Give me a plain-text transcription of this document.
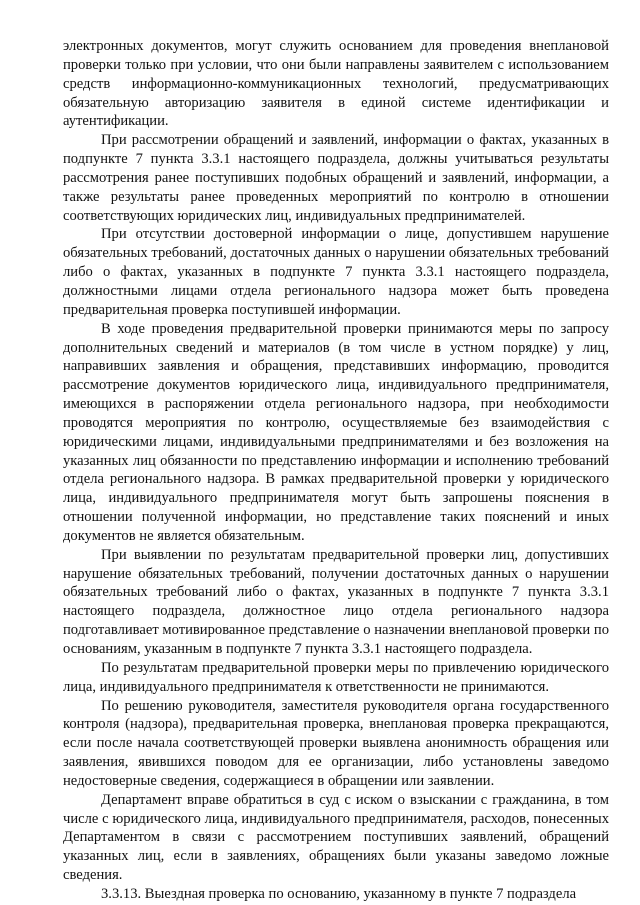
электронных документов, могут служить основанием для проведения внеплановой проверки только при условии, что они были направлены заявителем с использованием средств информационно-коммуникационных технологий, предусматривающих обязательную авторизацию заявителя в единой системе идентификации и аутентификации.

При рассмотрении обращений и заявлений, информации о фактах, указанных в подпункте 7 пункта 3.3.1 настоящего подраздела, должны учитываться результаты рассмотрения ранее поступивших подобных обращений и заявлений, информации, а также результаты ранее проведенных мероприятий по контролю в отношении соответствующих юридических лиц, индивидуальных предпринимателей.

При отсутствии достоверной информации о лице, допустившем нарушение обязательных требований, достаточных данных о нарушении обязательных требований либо о фактах, указанных в подпункте 7 пункта 3.3.1 настоящего подраздела, должностными лицами отдела регионального надзора может быть проведена предварительная проверка поступившей информации.

В ходе проведения предварительной проверки принимаются меры по запросу дополнительных сведений и материалов (в том числе в устном порядке) у лиц, направивших заявления и обращения, представивших информацию, проводится рассмотрение документов юридического лица, индивидуального предпринимателя, имеющихся в распоряжении отдела регионального надзора, при необходимости проводятся мероприятия по контролю, осуществляемые без взаимодействия с юридическими лицами, индивидуальными предпринимателями и без возложения на указанных лиц обязанности по представлению информации и исполнению требований отдела регионального надзора. В рамках предварительной проверки у юридического лица, индивидуального предпринимателя могут быть запрошены пояснения в отношении полученной информации, но представление таких пояснений и иных документов не является обязательным.

При выявлении по результатам предварительной проверки лиц, допустивших нарушение обязательных требований, получении достаточных данных о нарушении обязательных требований либо о фактах, указанных в подпункте 7 пункта 3.3.1 настоящего подраздела, должностное лицо отдела регионального надзора подготавливает мотивированное представление о назначении внеплановой проверки по основаниям, указанным в подпункте 7 пункта 3.3.1 настоящего подраздела.

По результатам предварительной проверки меры по привлечению юридического лица, индивидуального предпринимателя к ответственности не принимаются.

По решению руководителя, заместителя руководителя органа государственного контроля (надзора), предварительная проверка, внеплановая проверка прекращаются, если после начала соответствующей проверки выявлена анонимность обращения или заявления, явившихся поводом для ее организации, либо установлены заведомо недостоверные сведения, содержащиеся в обращении или заявлении.

Департамент вправе обратиться в суд с иском о взыскании с гражданина, в том числе с юридического лица, индивидуального предпринимателя, расходов, понесенных Департаментом в связи с рассмотрением поступивших заявлений, обращений указанных лиц, если в заявлениях, обращениях были указаны заведомо ложные сведения.

3.3.13. Выездная проверка по основанию, указанному в пункте 7 подраздела
